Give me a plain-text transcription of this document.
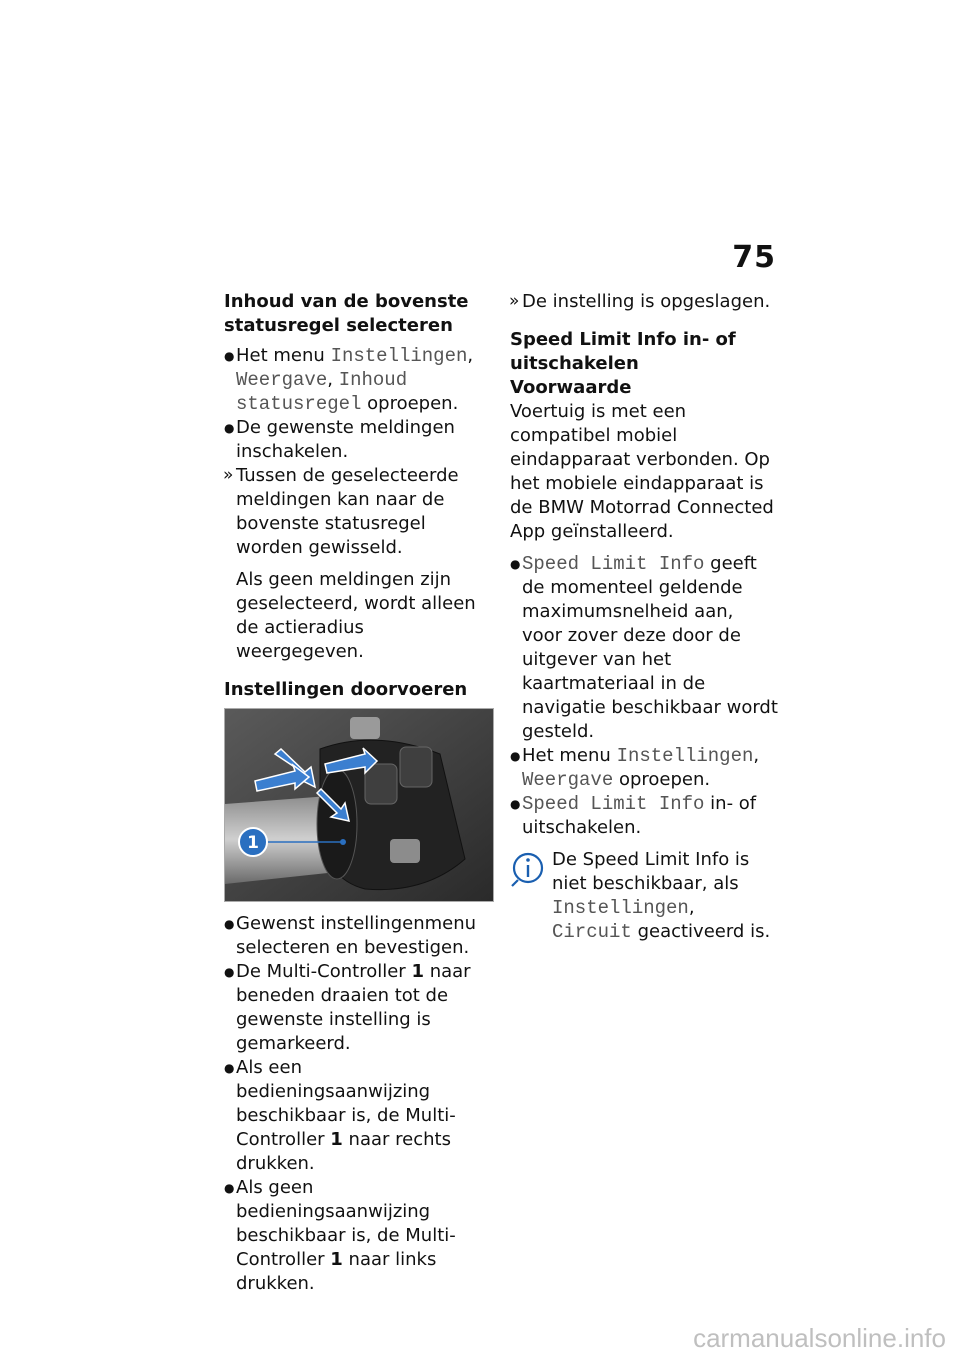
75
Inhoud van de bovenste statusregel selecteren
● Het menu Instellingen, Weergave, Inhoud statusregel oproepen.
● De gewenste meldingen inschakelen.
» Tussen de geselecteerde meldingen kan naar de bovenste statusregel worden gewisseld.
Als geen meldingen zijn geselecteerd, wordt alleen de actieradius weergegeven.
Instellingen doorvoeren
1
● Gewenst instellingenmenu selecteren en bevestigen.
● De Multi-Controller 1 naar beneden draaien tot de gewenste instelling is gemarkeerd.
● Als een bedieningsaanwijzing beschikbaar is, de Multi-Controller 1 naar rechts drukken.
● Als geen bedieningsaanwijzing beschikbaar is, de Multi-Controller 1 naar links drukken.
» De instelling is opgeslagen.
Speed Limit Info in- of uitschakelen
Voorwaarde

Voertuig is met een compatibel mobiel eindapparaat verbonden. Op het mobiele eindapparaat is de BMW Motorrad Connected App geïnstalleerd.

● Speed Limit Info geeft de momenteel geldende maximumsnelheid aan, voor zover deze door de uitgever van het kaartmateriaal in de navigatie beschikbaar wordt gesteld.
● Het menu Instellingen, Weergave oproepen.
● Speed Limit Info in- of uitschakelen.
De Speed Limit Info is niet beschikbaar, als Instellingen, Circuit geactiveerd is.
carmanualsonline.info
